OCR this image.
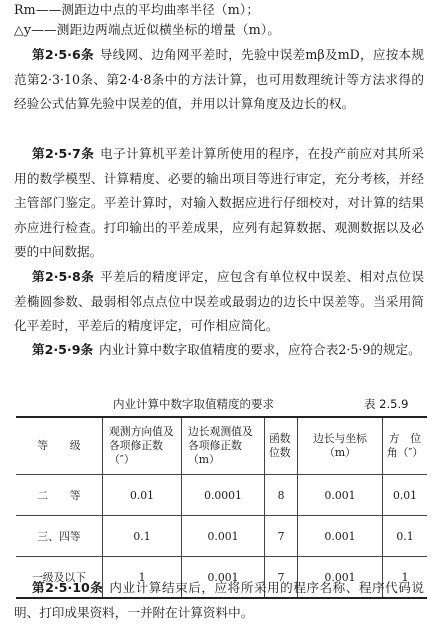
Rm——测距边中点的平均曲率半径（m）；
△y——测距边两端点近似横坐标的增量（m）。
第2·5·6条 导线网、边角网平差时，先验中误差mβ及mD，应按本规范第2·3·10条、第2·4·8条中的方法计算，也可用数理统计等方法求得的经验公式估算先验中误差的值，并用以计算角度及边长的权。
第2·5·7条 电子计算机平差计算所使用的程序，在投产前应对其所采用的数学模型、计算精度、必要的输出项目等进行审定，充分考核，并经主管部门鉴定。平差计算时，对输入数据应进行仔细校对，对计算的结果亦应进行检查。打印输出的平差成果，应列有起算数据、观测数据以及必要的中间数据。
第2·5·8条 平差后的精度评定，应包含有单位权中误差、相对点位误差椭圆参数、最弱相邻点点位中误差或最弱边的边长中误差等。当采用简化平差时，平差后的精度评定，可作相应简化。
第2·5·9条 内业计算中数字取值精度的要求，应符合表2·5·9的规定。
内业计算中数字取值精度的要求	表 2.5.9
等　　级	观测方向值及各项修正数（″）	边长观测值及各项修正数（m）	函数位数	边长与坐标（m）	方　位　角（″）
二　　等	0.01	0.0001	8	0.001	0.01
三、四等	0.1	0.001	7	0.001	0.1
一级及以下	1	0.001	7	0.001	1
第2·5·10条 内业计算结束后，应将所采用的程序名称、程序代码说明、打印成果资料，一并附在计算资料中。
